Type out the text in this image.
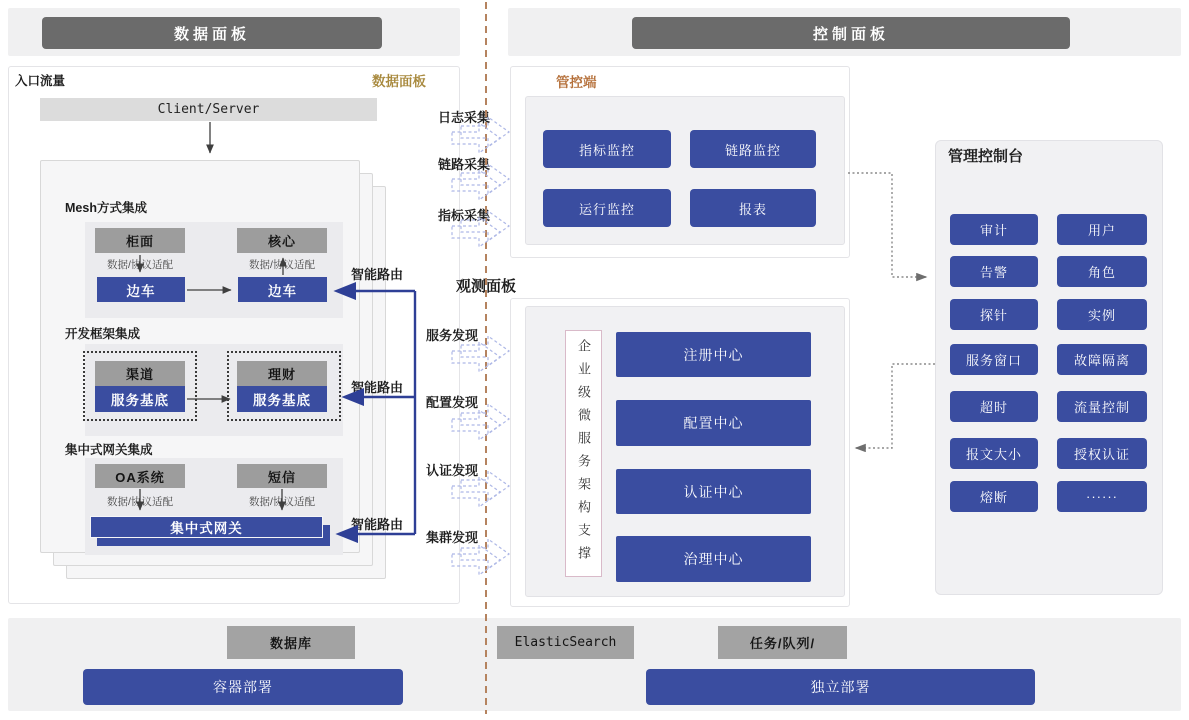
数据面板	控制面板
入口流量	数据面板
Client/Server
Mesh方式集成
柜面	核心
数据/协议适配	数据/协议适配
边车	边车
开发框架集成
渠道	理财
服务基底	服务基底
集中式网关集成
OA系统	短信
数据/协议适配	数据/协议适配
集中式网关
智能路由
智能路由
智能路由
日志采集
链路采集
指标采集
观测面板
服务发现
配置发现
认证发现
集群发现
管控端
指标监控	链路监控
运行监控	报表
企业级微服务架构支撑	注册中心
配置中心
认证中心
治理中心
管理控制台
审计	用户
告警	角色
探针	实例
服务窗口	故障隔离
超时	流量控制
报文大小	授权认证
熔断	······
数据库	ElasticSearch	任务/队列/
容器部署	独立部署
